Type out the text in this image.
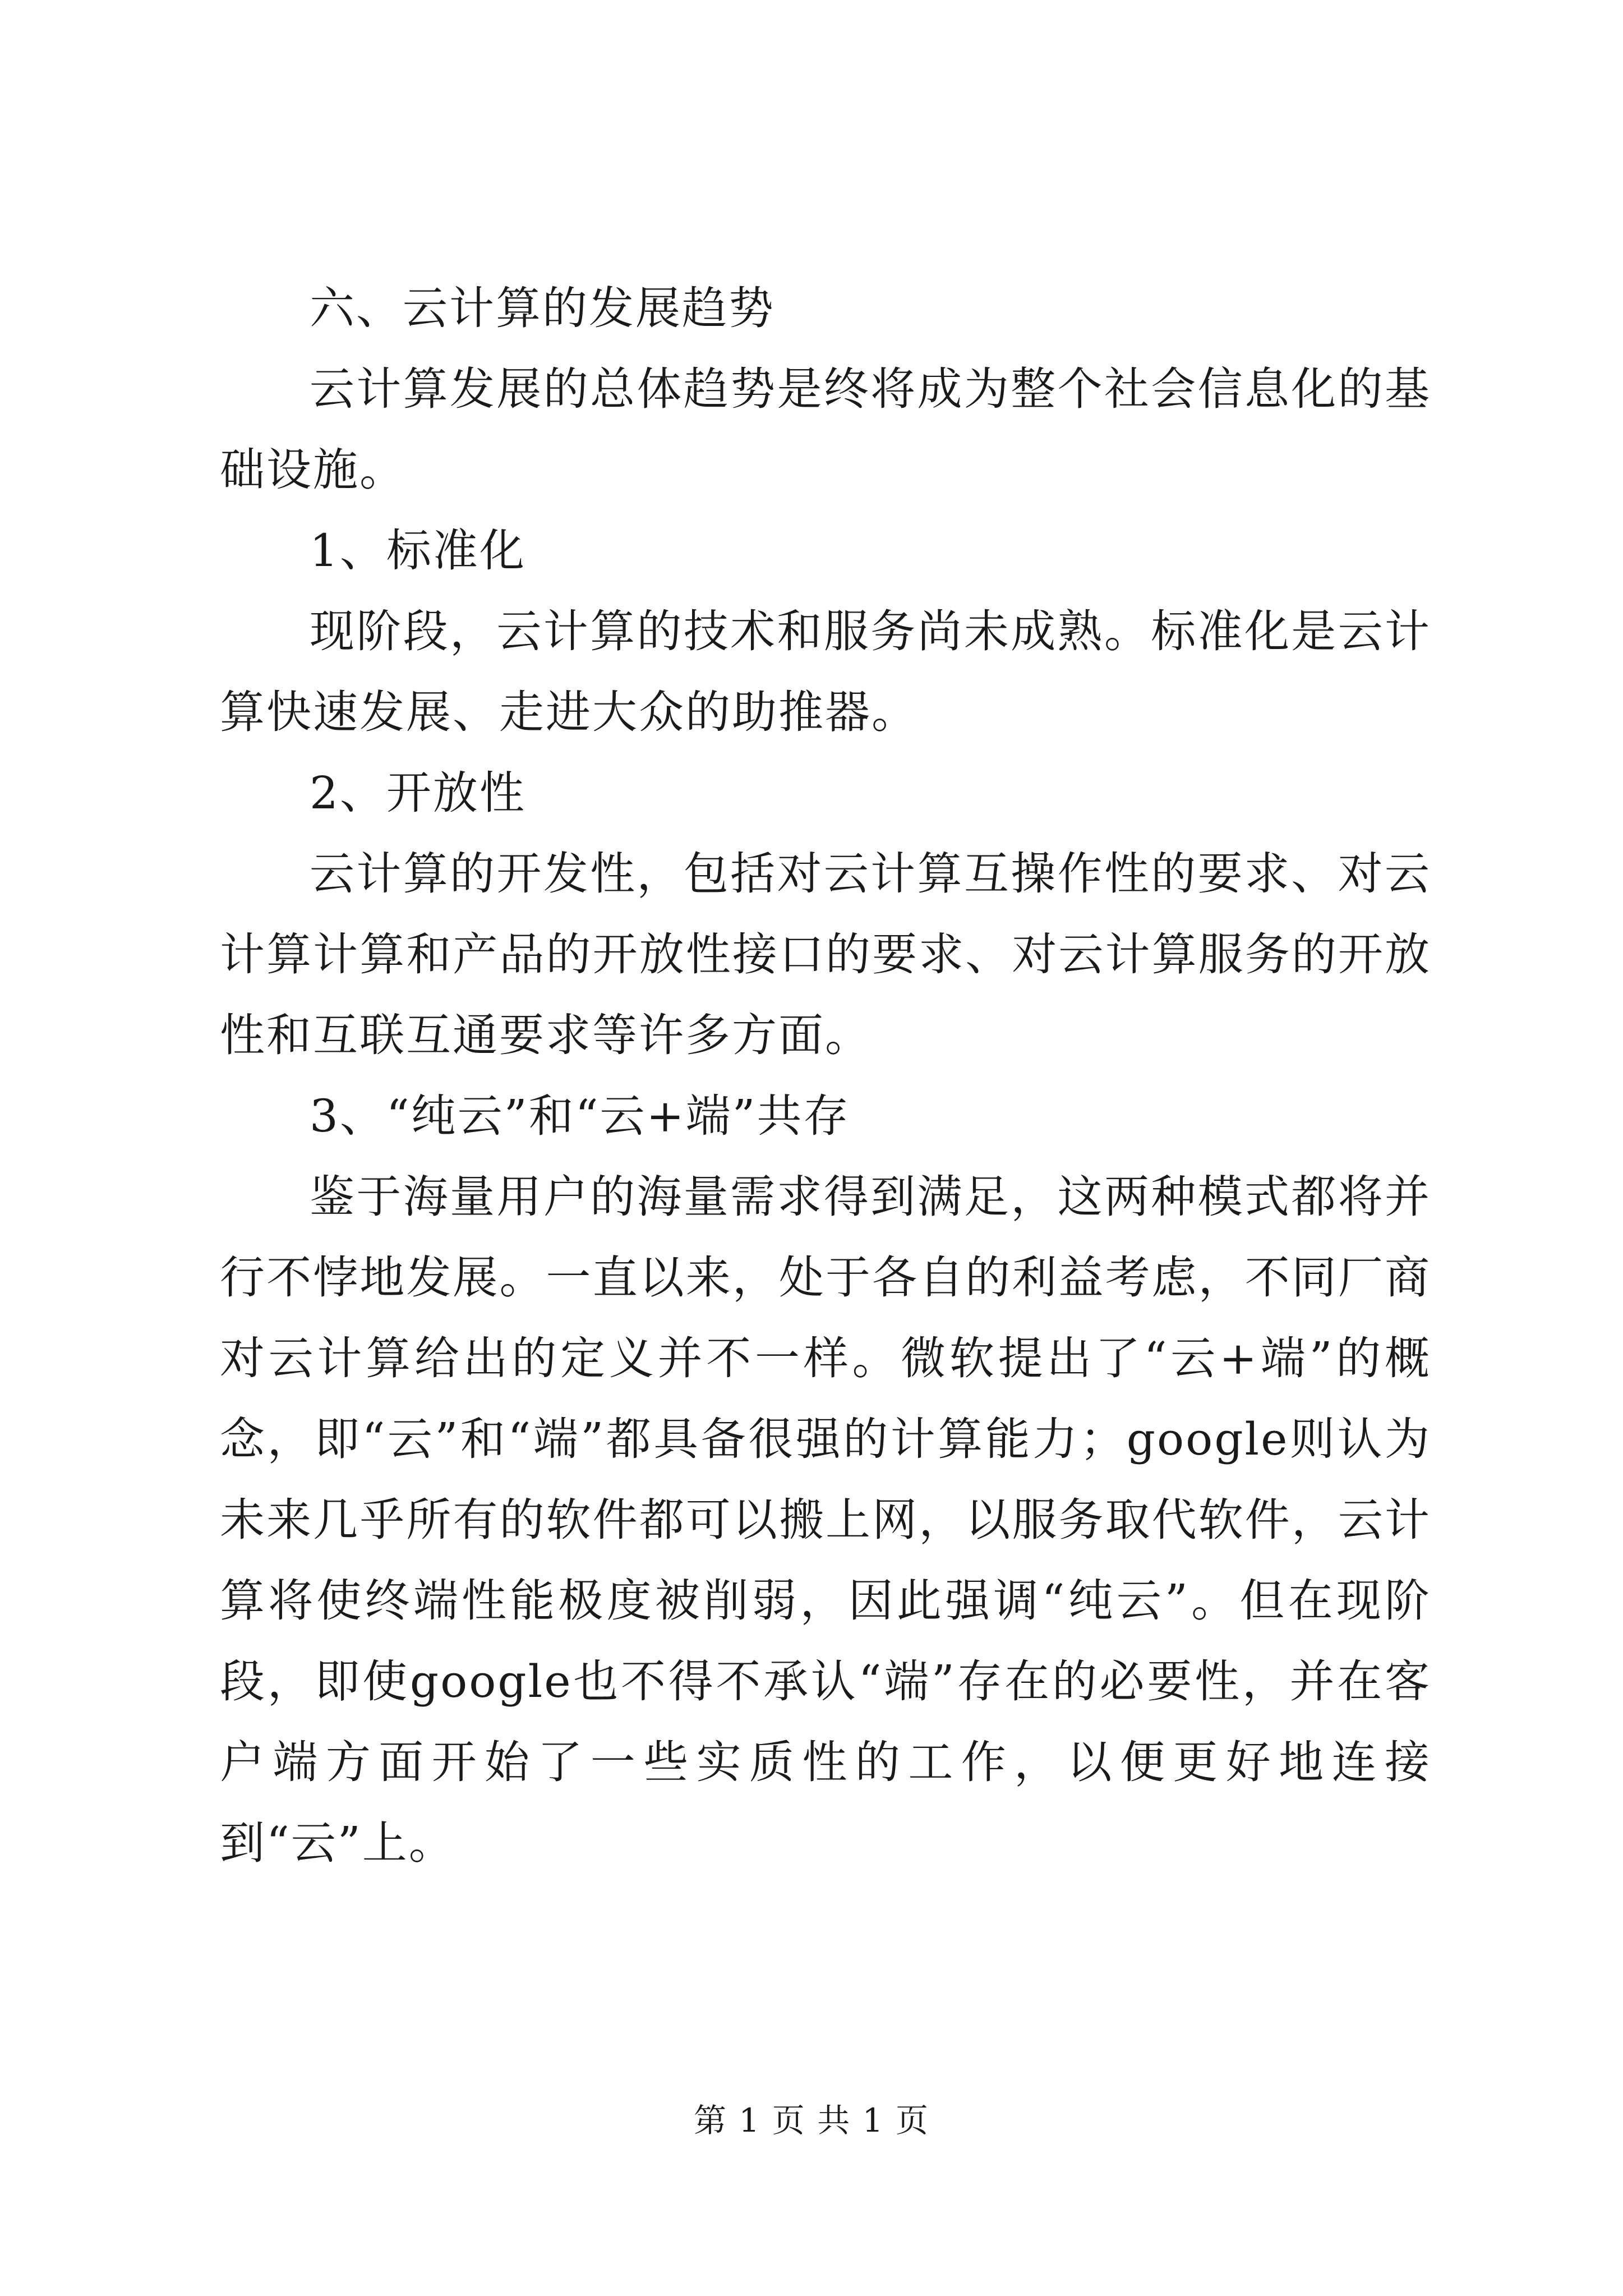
六、云计算的发展趋势

云计算发展的总体趋势是终将成为整个社会信息化的基础设施。

1、标准化

现阶段，云计算的技术和服务尚未成熟。标准化是云计算快速发展、走进大众的助推器。

2、开放性

云计算的开发性，包括对云计算互操作性的要求、对云计算计算和产品的开放性接口的要求、对云计算服务的开放性和互联互通要求等许多方面。

3、“纯云”和“云+端”共存

鉴于海量用户的海量需求得到满足，这两种模式都将并行不悖地发展。一直以来，处于各自的利益考虑，不同厂商对云计算给出的定义并不一样。微软提出了“云+端”的概念，即“云”和“端”都具备很强的计算能力；google则认为未来几乎所有的软件都可以搬上网，以服务取代软件，云计算将使终端性能极度被削弱，因此强调“纯云”。但在现阶段，即使google也不得不承认“端”存在的必要性，并在客户端方面开始了一些实质性的工作，以便更好地连接到“云”上。

第 1 页 共 1 页
